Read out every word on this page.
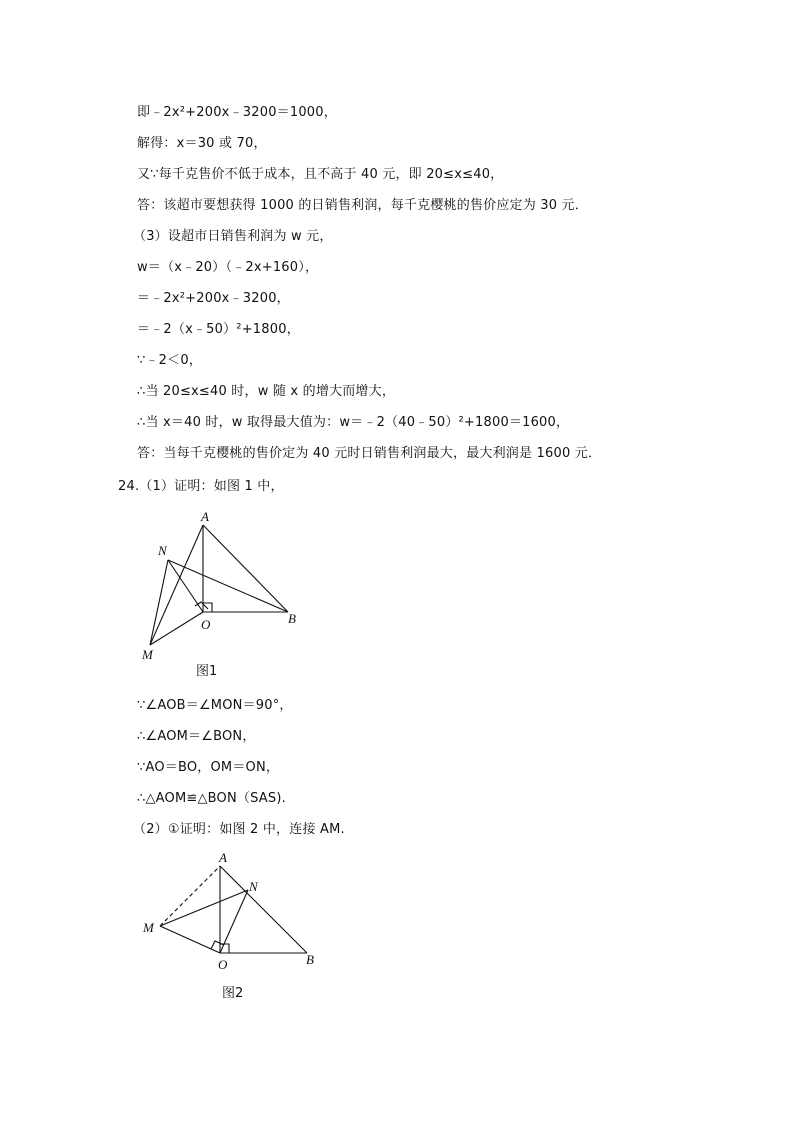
即﹣2x²+200x﹣3200＝1000，
解得：x＝30 或 70，
又∵每千克售价不低于成本，且不高于 40 元，即 20≤x≤40，
答：该超市要想获得 1000 的日销售利润，每千克樱桃的售价应定为 30 元．
（3）设超市日销售利润为 w 元，
w＝（x﹣20）（﹣2x+160），
＝﹣2x²+200x﹣3200，
＝﹣2（x﹣50）²+1800，
∵﹣2＜0，
∴当 20≤x≤40 时，w 随 x 的增大而增大，
∴当 x＝40 时，w 取得最大值为：w＝﹣2（40﹣50）²+1800＝1600，
答：当每千克樱桃的售价定为 40 元时日销售利润最大，最大利润是 1600 元．
24.（1）证明：如图 1 中，
A
N
O	B
M
图1
∵∠AOB＝∠MON＝90°，
∴∠AOM＝∠BON，
∵AO＝BO，OM＝ON，
∴△AOM≌△BON（SAS).
（2）①证明：如图 2 中，连接 AM.
A
N
M
O	B
图2
